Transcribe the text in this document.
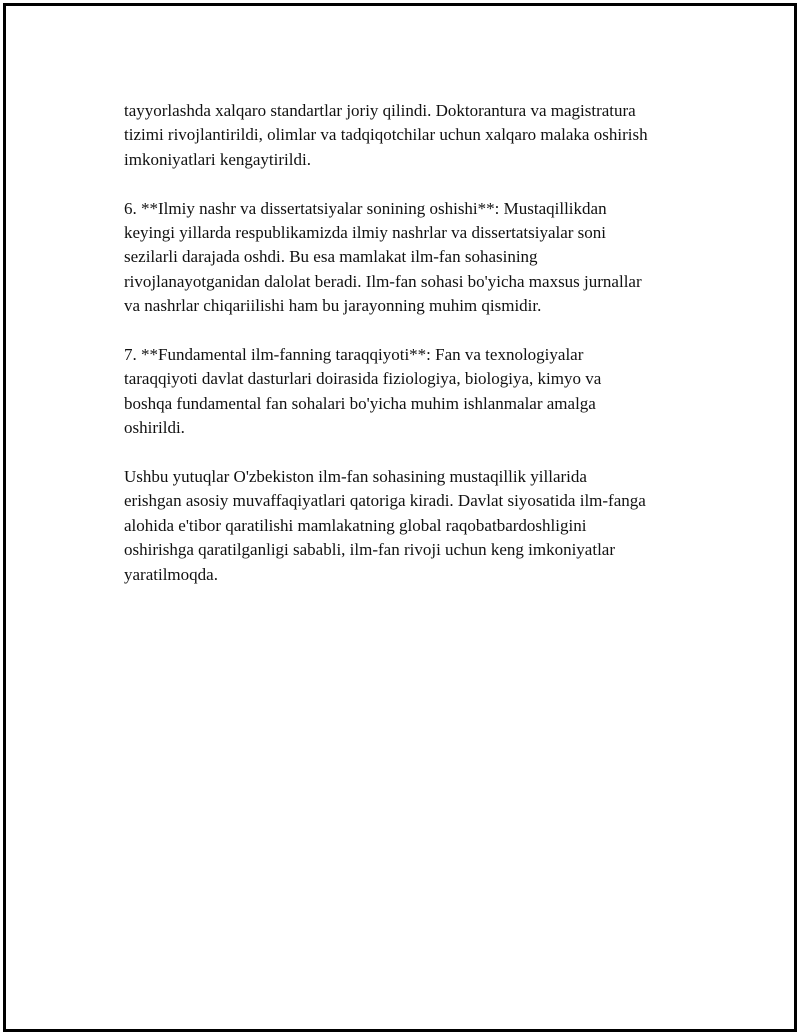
tayyorlashda xalqaro standartlar joriy qilindi. Doktorantura va magistratura
tizimi rivojlantirildi, olimlar va tadqiqotchilar uchun xalqaro malaka oshirish
imkoniyatlari kengaytirildi.

6. **Ilmiy nashr va dissertatsiyalar sonining oshishi**: Mustaqillikdan
keyingi yillarda respublikamizda ilmiy nashrlar va dissertatsiyalar soni
sezilarli darajada oshdi. Bu esa mamlakat ilm-fan sohasining
rivojlanayotganidan dalolat beradi. Ilm-fan sohasi bo'yicha maxsus jurnallar
va nashrlar chiqariilishi ham bu jarayonning muhim qismidir.

7. **Fundamental ilm-fanning taraqqiyoti**: Fan va texnologiyalar
taraqqiyoti davlat dasturlari doirasida fiziologiya, biologiya, kimyo va
boshqa fundamental fan sohalari bo'yicha muhim ishlanmalar amalga
oshirildi.

Ushbu yutuqlar O'zbekiston ilm-fan sohasining mustaqillik yillarida
erishgan asosiy muvaffaqiyatlari qatoriga kiradi. Davlat siyosatida ilm-fanga
alohida e'tibor qaratilishi mamlakatning global raqobatbardoshligini
oshirishga qaratilganligi sababli, ilm-fan rivoji uchun keng imkoniyatlar
yaratilmoqda.
